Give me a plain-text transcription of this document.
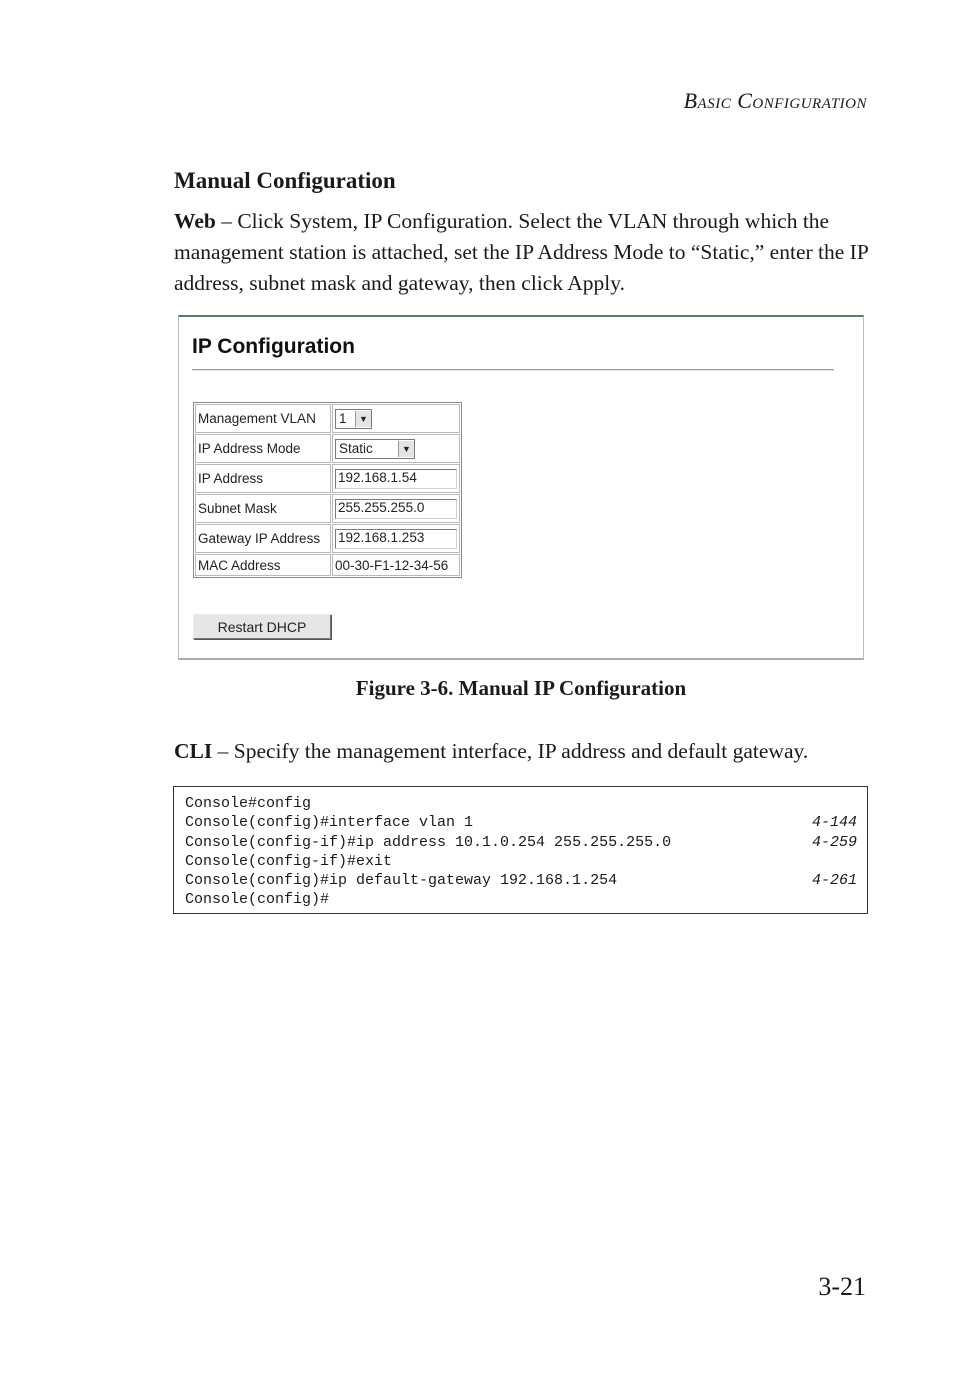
Basic Configuration
Manual Configuration

Web – Click System, IP Configuration. Select the VLAN through which the management station is attached, set the IP Address Mode to “Static,” enter the IP address, subnet mask and gateway, then click Apply.

IP Configuration
Management VLAN	1 ▼

IP Address Mode	Static ▼

IP Address	192.168.1.54

Subnet Mask	255.255.255.0

Gateway IP Address	192.168.1.253

MAC Address	00-30-F1-12-34-56
Restart DHCP

Figure 3-6. Manual IP Configuration

CLI – Specify the management interface, IP address and default gateway.

Console#config
Console(config)#interface vlan 1	4-144
Console(config-if)#ip address 10.1.0.254 255.255.255.0	4-259
Console(config-if)#exit
Console(config)#ip default-gateway 192.168.1.254	4-261
Console(config)#
3-21
